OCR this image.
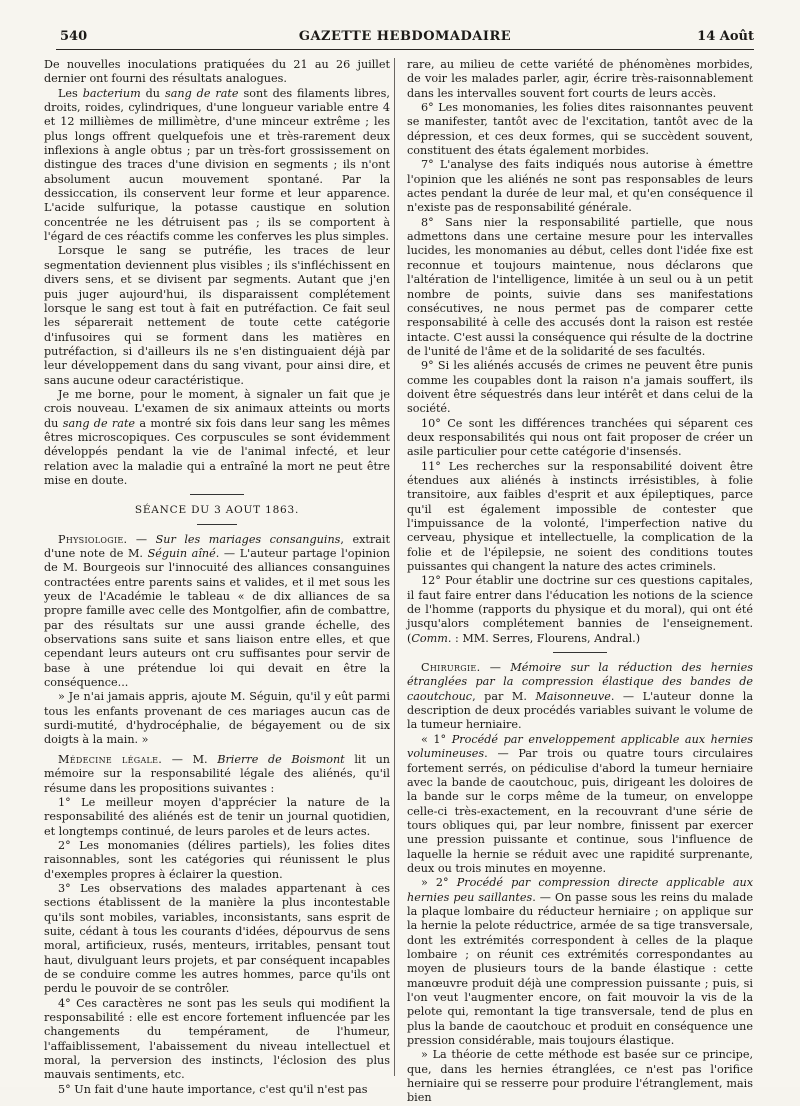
540	GAZETTE HEBDOMADAIRE	14 Août

De nouvelles inoculations pratiquées du 21 au 26 juillet dernier ont fourni des résultats analogues.

Les bacterium du sang de rate sont des filaments libres, droits, roides, cylindriques, d'une longueur variable entre 4 et 12 millièmes de millimètre, d'une minceur extrême ; les plus longs offrent quelquefois une et très-rarement deux inflexions à angle obtus ; par un très-fort grossissement on distingue des traces d'une division en segments ; ils n'ont absolument aucun mouvement spontané. Par la dessiccation, ils conservent leur forme et leur apparence. L'acide sulfurique, la potasse caustique en solution concentrée ne les détruisent pas ; ils se comportent à l'égard de ces réactifs comme les conferves les plus simples.

Lorsque le sang se putréfie, les traces de leur segmentation deviennent plus visibles ; ils s'infléchissent en divers sens, et se divisent par segments. Autant que j'en puis juger aujourd'hui, ils disparaissent complétement lorsque le sang est tout à fait en putréfaction. Ce fait seul les séparerait nettement de toute cette catégorie d'infusoires qui se forment dans les matières en putréfaction, si d'ailleurs ils ne s'en distinguaient déjà par leur développement dans du sang vivant, pour ainsi dire, et sans aucune odeur caractéristique.

Je me borne, pour le moment, à signaler un fait que je crois nouveau. L'examen de six animaux atteints ou morts du sang de rate a montré six fois dans leur sang les mêmes êtres microscopiques. Ces corpuscules se sont évidemment développés pendant la vie de l'animal infecté, et leur relation avec la maladie qui a entraîné la mort ne peut être mise en doute.

SÉANCE DU 3 AOUT 1863.

Physiologie. — Sur les mariages consanguins, extrait d'une note de M. Séguin aîné. — L'auteur partage l'opinion de M. Bourgeois sur l'innocuité des alliances consanguines contractées entre parents sains et valides, et il met sous les yeux de l'Académie le tableau « de dix alliances de sa propre famille avec celle des Montgolfier, afin de combattre, par des résultats sur une aussi grande échelle, des observations sans suite et sans liaison entre elles, et que cependant leurs auteurs ont cru suffisantes pour servir de base à une prétendue loi qui devait en être la conséquence...

» Je n'ai jamais appris, ajoute M. Séguin, qu'il y eût parmi tous les enfants provenant de ces mariages aucun cas de surdi-mutité, d'hydrocéphalie, de bégayement ou de six doigts à la main. »

Médecine légale. — M. Brierre de Boismont lit un mémoire sur la responsabilité légale des aliénés, qu'il résume dans les propositions suivantes :

1° Le meilleur moyen d'apprécier la nature de la responsabilité des aliénés est de tenir un journal quotidien, et longtemps continué, de leurs paroles et de leurs actes.

2° Les monomanies (délires partiels), les folies dites raisonnables, sont les catégories qui réunissent le plus d'exemples propres à éclairer la question.

3° Les observations des malades appartenant à ces sections établissent de la manière la plus incontestable qu'ils sont mobiles, variables, inconsistants, sans esprit de suite, cédant à tous les courants d'idées, dépourvus de sens moral, artificieux, rusés, menteurs, irritables, pensant tout haut, divulguant leurs projets, et par conséquent incapables de se conduire comme les autres hommes, parce qu'ils ont perdu le pouvoir de se contrôler.

4° Ces caractères ne sont pas les seuls qui modifient la responsabilité : elle est encore fortement influencée par les changements du tempérament, de l'humeur, l'affaiblissement, l'abaissement du niveau intellectuel et moral, la perversion des instincts, l'éclosion des plus mauvais sentiments, etc.

5° Un fait d'une haute importance, c'est qu'il n'est pas

rare, au milieu de cette variété de phénomènes morbides, de voir les malades parler, agir, écrire très-raisonnablement dans les intervalles souvent fort courts de leurs accès.

6° Les monomanies, les folies dites raisonnantes peuvent se manifester, tantôt avec de l'excitation, tantôt avec de la dépression, et ces deux formes, qui se succèdent souvent, constituent des états également morbides.

7° L'analyse des faits indiqués nous autorise à émettre l'opinion que les aliénés ne sont pas responsables de leurs actes pendant la durée de leur mal, et qu'en conséquence il n'existe pas de responsabilité générale.

8° Sans nier la responsabilité partielle, que nous admettons dans une certaine mesure pour les intervalles lucides, les monomanies au début, celles dont l'idée fixe est reconnue et toujours maintenue, nous déclarons que l'altération de l'intelligence, limitée à un seul ou à un petit nombre de points, suivie dans ses manifestations consécutives, ne nous permet pas de comparer cette responsabilité à celle des accusés dont la raison est restée intacte. C'est aussi la conséquence qui résulte de la doctrine de l'unité de l'âme et de la solidarité de ses facultés.

9° Si les aliénés accusés de crimes ne peuvent être punis comme les coupables dont la raison n'a jamais souffert, ils doivent être séquestrés dans leur intérêt et dans celui de la société.

10° Ce sont les différences tranchées qui séparent ces deux responsabilités qui nous ont fait proposer de créer un asile particulier pour cette catégorie d'insensés.

11° Les recherches sur la responsabilité doivent être étendues aux aliénés à instincts irrésistibles, à folie transitoire, aux faibles d'esprit et aux épileptiques, parce qu'il est également impossible de contester que l'impuissance de la volonté, l'imperfection native du cerveau, physique et intellectuelle, la complication de la folie et de l'épilepsie, ne soient des conditions toutes puissantes qui changent la nature des actes criminels.

12° Pour établir une doctrine sur ces questions capitales, il faut faire entrer dans l'éducation les notions de la science de l'homme (rapports du physique et du moral), qui ont été jusqu'alors complétement bannies de l'enseignement. (Comm. : MM. Serres, Flourens, Andral.)

Chirurgie. — Mémoire sur la réduction des hernies étranglées par la compression élastique des bandes de caoutchouc, par M. Maisonneuve. — L'auteur donne la description de deux procédés variables suivant le volume de la tumeur herniaire.

« 1° Procédé par enveloppement applicable aux hernies volumineuses. — Par trois ou quatre tours circulaires fortement serrés, on pédiculise d'abord la tumeur herniaire avec la bande de caoutchouc, puis, dirigeant les doloires de la bande sur le corps même de la tumeur, on enveloppe celle-ci très-exactement, en la recouvrant d'une série de tours obliques qui, par leur nombre, finissent par exercer une pression puissante et continue, sous l'influence de laquelle la hernie se réduit avec une rapidité surprenante, deux ou trois minutes en moyenne.

» 2° Procédé par compression directe applicable aux hernies peu saillantes. — On passe sous les reins du malade la plaque lombaire du réducteur herniaire ; on applique sur la hernie la pelote réductrice, armée de sa tige transversale, dont les extrémités correspondent à celles de la plaque lombaire ; on réunit ces extrémités correspondantes au moyen de plusieurs tours de la bande élastique : cette manœuvre produit déjà une compression puissante ; puis, si l'on veut l'augmenter encore, on fait mouvoir la vis de la pelote qui, remontant la tige transversale, tend de plus en plus la bande de caoutchouc et produit en conséquence une pression considérable, mais toujours élastique.

» La théorie de cette méthode est basée sur ce principe, que, dans les hernies étranglées, ce n'est pas l'orifice herniaire qui se resserre pour produire l'étranglement, mais bien
